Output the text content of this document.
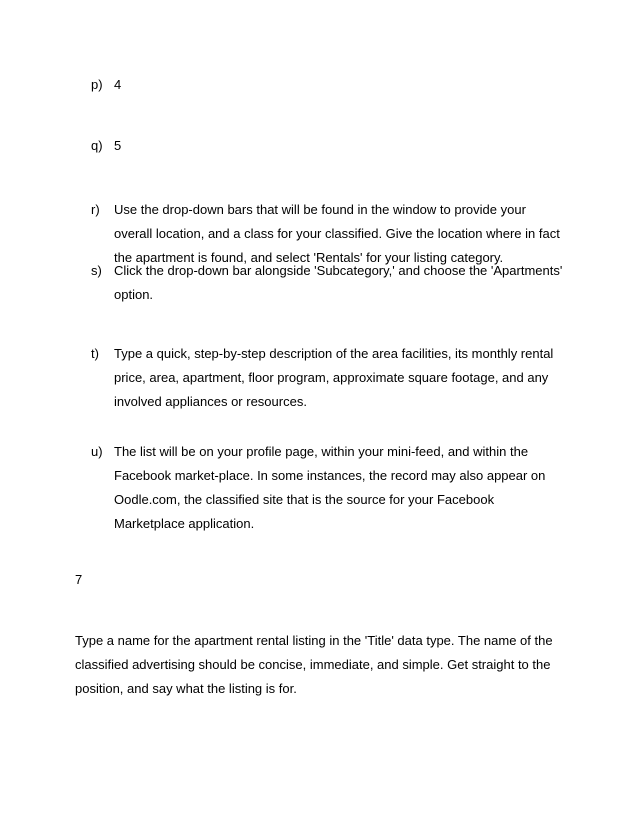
p) 4
q) 5
r)	Use the drop-down bars that will be found in the window to provide your overall location, and a class for your classified. Give the location where in fact the apartment is found, and select 'Rentals' for your listing category.
s) Click the drop-down bar alongside 'Subcategory,' and choose the 'Apartments' option.
t)	Type a quick, step-by-step description of the area facilities, its monthly rental price, area, apartment, floor program, approximate square footage, and any involved appliances or resources.
u) The list will be on your profile page, within your mini-feed, and within the Facebook market-place. In some instances, the record may also appear on Oodle.com, the classified site that is the source for your Facebook Marketplace application.
7
Type a name for the apartment rental listing in the 'Title' data type. The name of the classified advertising should be concise, immediate, and simple. Get straight to the position, and say what the listing is for.
